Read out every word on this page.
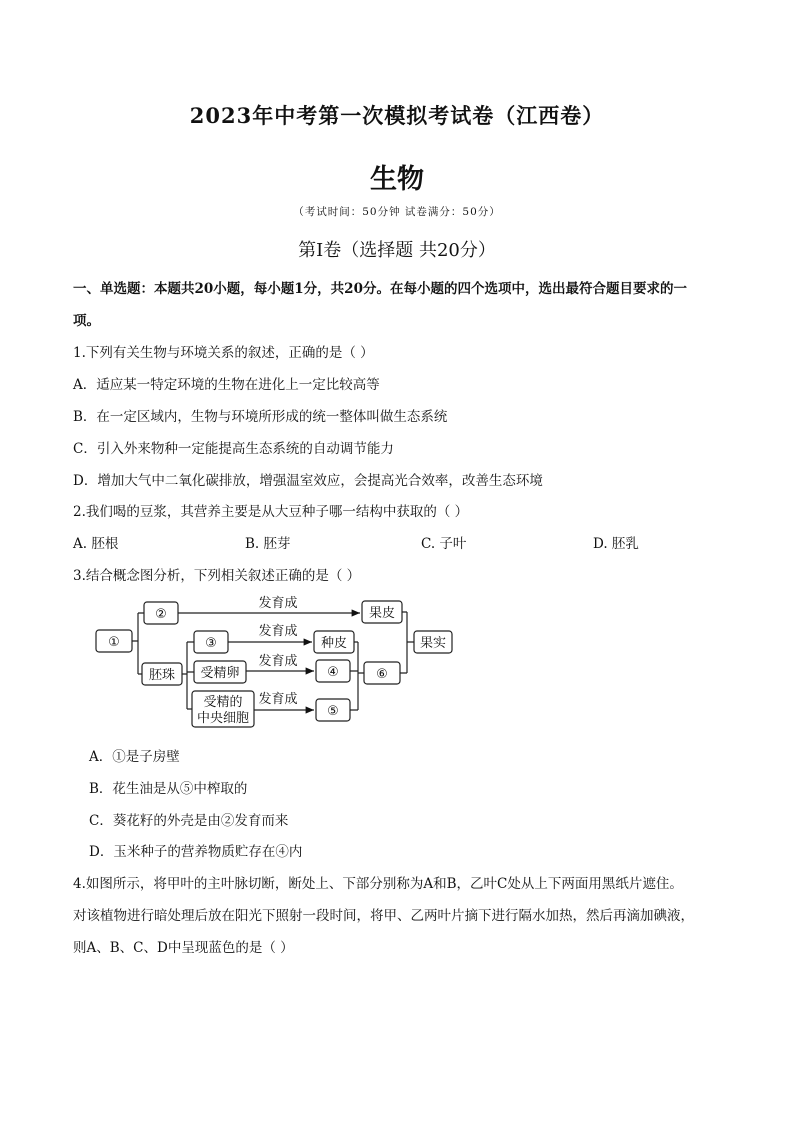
2023年中考第一次模拟考试卷（江西卷）
生物
（考试时间：50分钟 试卷满分：50分）
第Ⅰ卷（选择题 共20分）
一、单选题：本题共20小题，每小题1分，共20分。在每小题的四个选项中，选出最符合题目要求的一
项。
1.下列有关生物与环境关系的叙述，正确的是（ ）
A．适应某一特定环境的生物在进化上一定比较高等
B．在一定区域内，生物与环境所形成的统一整体叫做生态系统
C．引入外来物种一定能提高生态系统的自动调节能力
D．增加大气中二氧化碳排放，增强温室效应，会提高光合效率，改善生态环境
2.我们喝的豆浆，其营养主要是从大豆种子哪一结构中获取的（ ）
A. 胚根	B. 胚芽	C. 子叶	D. 胚乳
3.结合概念图分析，下列相关叙述正确的是（ ）
①
②
胚珠
③
受精卵
受精的
中央细胞
果皮
种皮
④
⑤
⑥
果实
发育成
发育成
发育成
发育成
A．①是子房壁
B．花生油是从⑤中榨取的
C．葵花籽的外壳是由②发育而来
D．玉米种子的营养物质贮存在④内
4.如图所示，将甲叶的主叶脉切断，断处上、下部分别称为A和B，乙叶C处从上下两面用黑纸片遮住。
对该植物进行暗处理后放在阳光下照射一段时间，将甲、乙两叶片摘下进行隔水加热，然后再滴加碘液，
则A、B、C、D中呈现蓝色的是（ ）
